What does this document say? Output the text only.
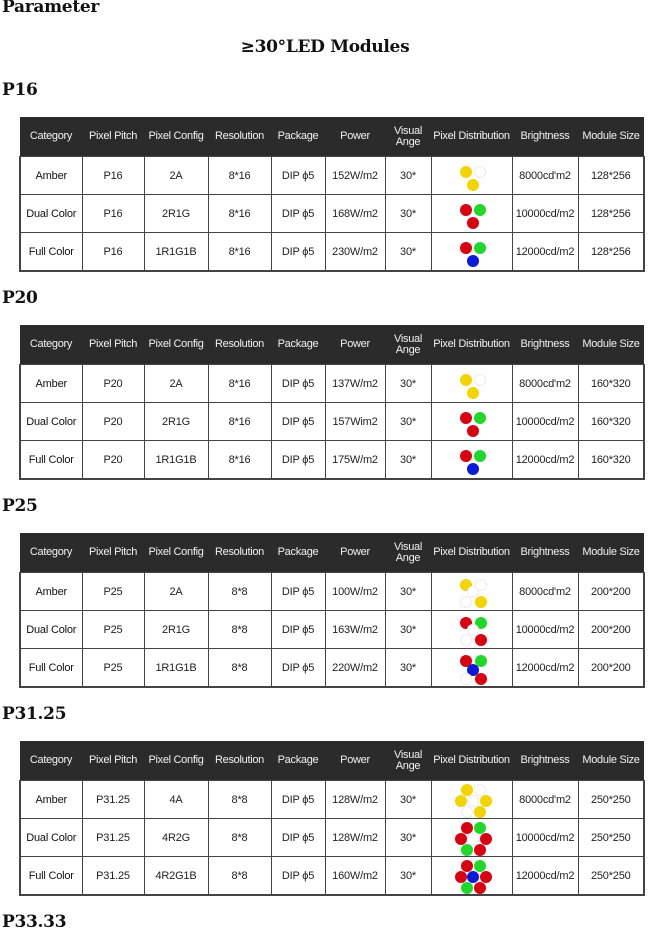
Parameter
≥30°LED Modules
P16
Category	Pixel Pitch	Pixel Config	Resolution	Package	Power	Visual Ange	Pixel Distribution	Brightness	Module Size
Amber	P16	2A	8*16	DIP ϕ5	152W/m2	30*		8000cd'm2	128*256
Dual Color	P16	2R1G	8*16	DIP ϕ5	168W/m2	30*		10000cd/m2	128*256
Full Color	P16	1R1G1B	8*16	DIP ϕ5	230W/m2	30*		12000cd/m2	128*256
P20
Category	Pixel Pitch	Pixel Config	Resolution	Package	Power	Visual Ange	Pixel Distribution	Brightness	Module Size
Amber	P20	2A	8*16	DIP ϕ5	137W/m2	30*		8000cd'm2	160*320
Dual Color	P20	2R1G	8*16	DIP ϕ5	157Wim2	30*		10000cd/m2	160*320
Full Color	P20	1R1G1B	8*16	DIP ϕ5	175W/m2	30*		12000cd/m2	160*320
P25
Category	Pixel Pitch	Pixel Config	Resolution	Package	Power	Visual Ange	Pixel Distribution	Brightness	Module Size
Amber	P25	2A	8*8	DIP ϕ5	100W/m2	30*		8000cd'm2	200*200
Dual Color	P25	2R1G	8*8	DIP ϕ5	163W/m2	30*		10000cd/m2	200*200
Full Color	P25	1R1G1B	8*8	DIP ϕ5	220W/m2	30*		12000cd/m2	200*200
P31.25
Category	Pixel Pitch	Pixel Config	Resolution	Package	Power	Visual Ange	Pixel Distribution	Brightness	Module Size
Amber	P31.25	4A	8*8	DIP ϕ5	128W/m2	30*		8000cd'm2	250*250
Dual Color	P31.25	4R2G	8*8	DIP ϕ5	128W/m2	30*		10000cd/m2	250*250
Full Color	P31.25	4R2G1B	8*8	DIP ϕ5	160W/m2	30*		12000cd/m2	250*250
P33.33
